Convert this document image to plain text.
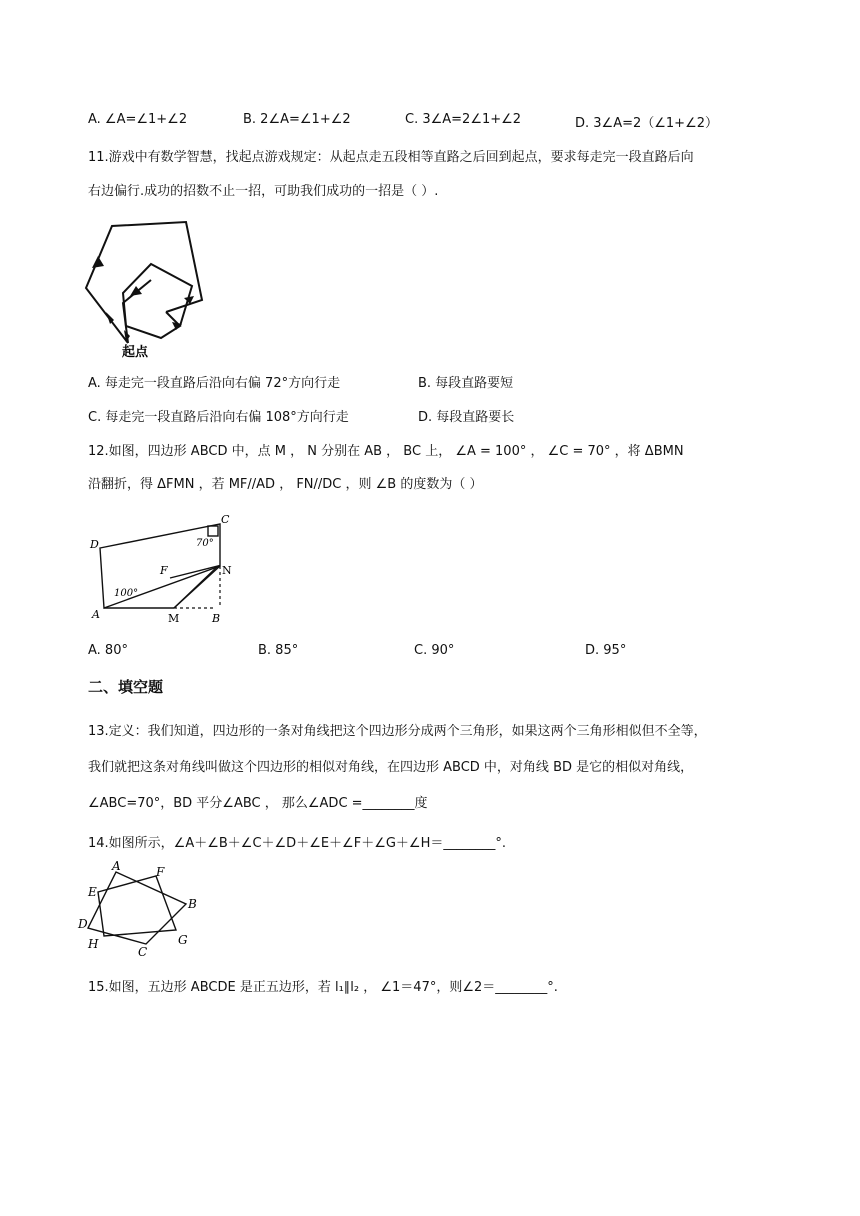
A. ∠A=∠1+∠2	B. 2∠A=∠1+∠2	C. 3∠A=2∠1+∠2	D. 3∠A=2（∠1+∠2）
11.游戏中有数学智慧，找起点游戏规定：从起点走五段相等直路之后回到起点，要求每走完一段直路后向
右边偏行.成功的招数不止一招，可助我们成功的一招是（ ）.
起点
A. 每走完一段直路后沿向右偏 72°方向行走	B. 每段直路要短
C. 每走完一段直路后沿向右偏 108°方向行走	D. 每段直路要长
12.如图，四边形 ABCD 中，点 M ， N 分别在 AB ， BC 上， ∠A = 100° ， ∠C = 70° ，将 ΔBMN
沿翻折，得 ΔFMN ，若 MF//AD ， FN//DC ，则 ∠B 的度数为（ ）
D
C
70°
100°
A	M	B
N
F
A. 80°	B. 85°	C. 90°	D. 95°
二、填空题
13.定义：我们知道，四边形的一条对角线把这个四边形分成两个三角形，如果这两个三角形相似但不全等，
我们就把这条对角线叫做这个四边形的相似对角线，在四边形 ABCD 中，对角线 BD 是它的相似对角线，
∠ABC=70°，BD 平分∠ABC ， 那么∠ADC =________度
14.如图所示，∠A＋∠B＋∠C＋∠D＋∠E＋∠F＋∠G＋∠H＝________°.
A	F
E
B
D
G
H
C
15.如图，五边形 ABCDE 是正五边形，若 l₁∥l₂ ， ∠1＝47°，则∠2＝________°.
